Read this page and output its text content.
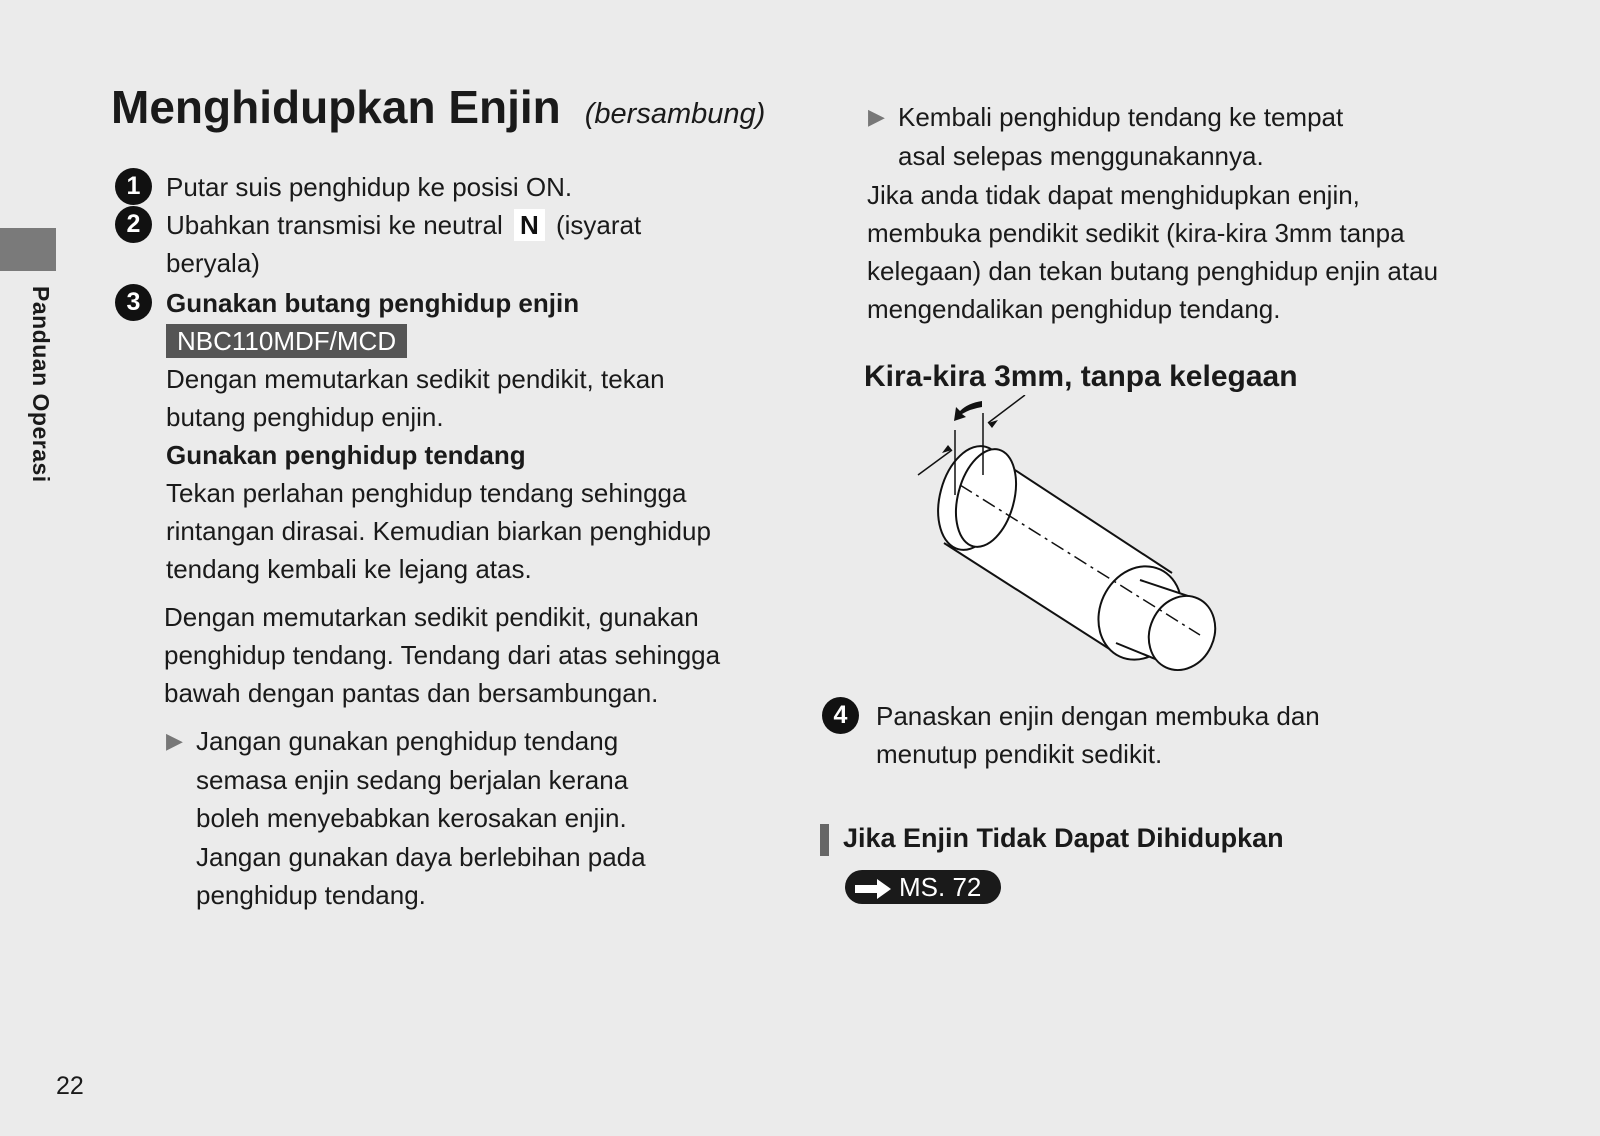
Panduan Operasi
22
Menghidupkan Enjin (bersambung)
1 Putar suis penghidup ke posisi ON.
2 Ubahkan transmisi ke neutral N (isyarat beryala)
3 Gunakan butang penghidup enjin
NBC110MDF/MCD
Dengan memutarkan sedikit pendikit, tekan butang penghidup enjin.
Gunakan penghidup tendang
Tekan perlahan penghidup tendang sehingga rintangan dirasai. Kemudian biarkan penghidup tendang kembali ke lejang atas.
Dengan memutarkan sedikit pendikit, gunakan penghidup tendang. Tendang dari atas sehingga bawah dengan pantas dan bersambungan.
▶ Jangan gunakan penghidup tendang semasa enjin sedang berjalan kerana boleh menyebabkan kerosakan enjin. Jangan gunakan daya berlebihan pada penghidup tendang.
▶ Kembali penghidup tendang ke tempat asal selepas menggunakannya.
Jika anda tidak dapat menghidupkan enjin, membuka pendikit sedikit (kira-kira 3mm tanpa kelegaan) dan tekan butang penghidup enjin atau mengendalikan penghidup tendang.
Kira-kira 3mm, tanpa kelegaan
4	Panaskan enjin dengan membuka dan menutup pendikit sedikit.
Jika Enjin Tidak Dapat Dihidupkan
MS. 72
